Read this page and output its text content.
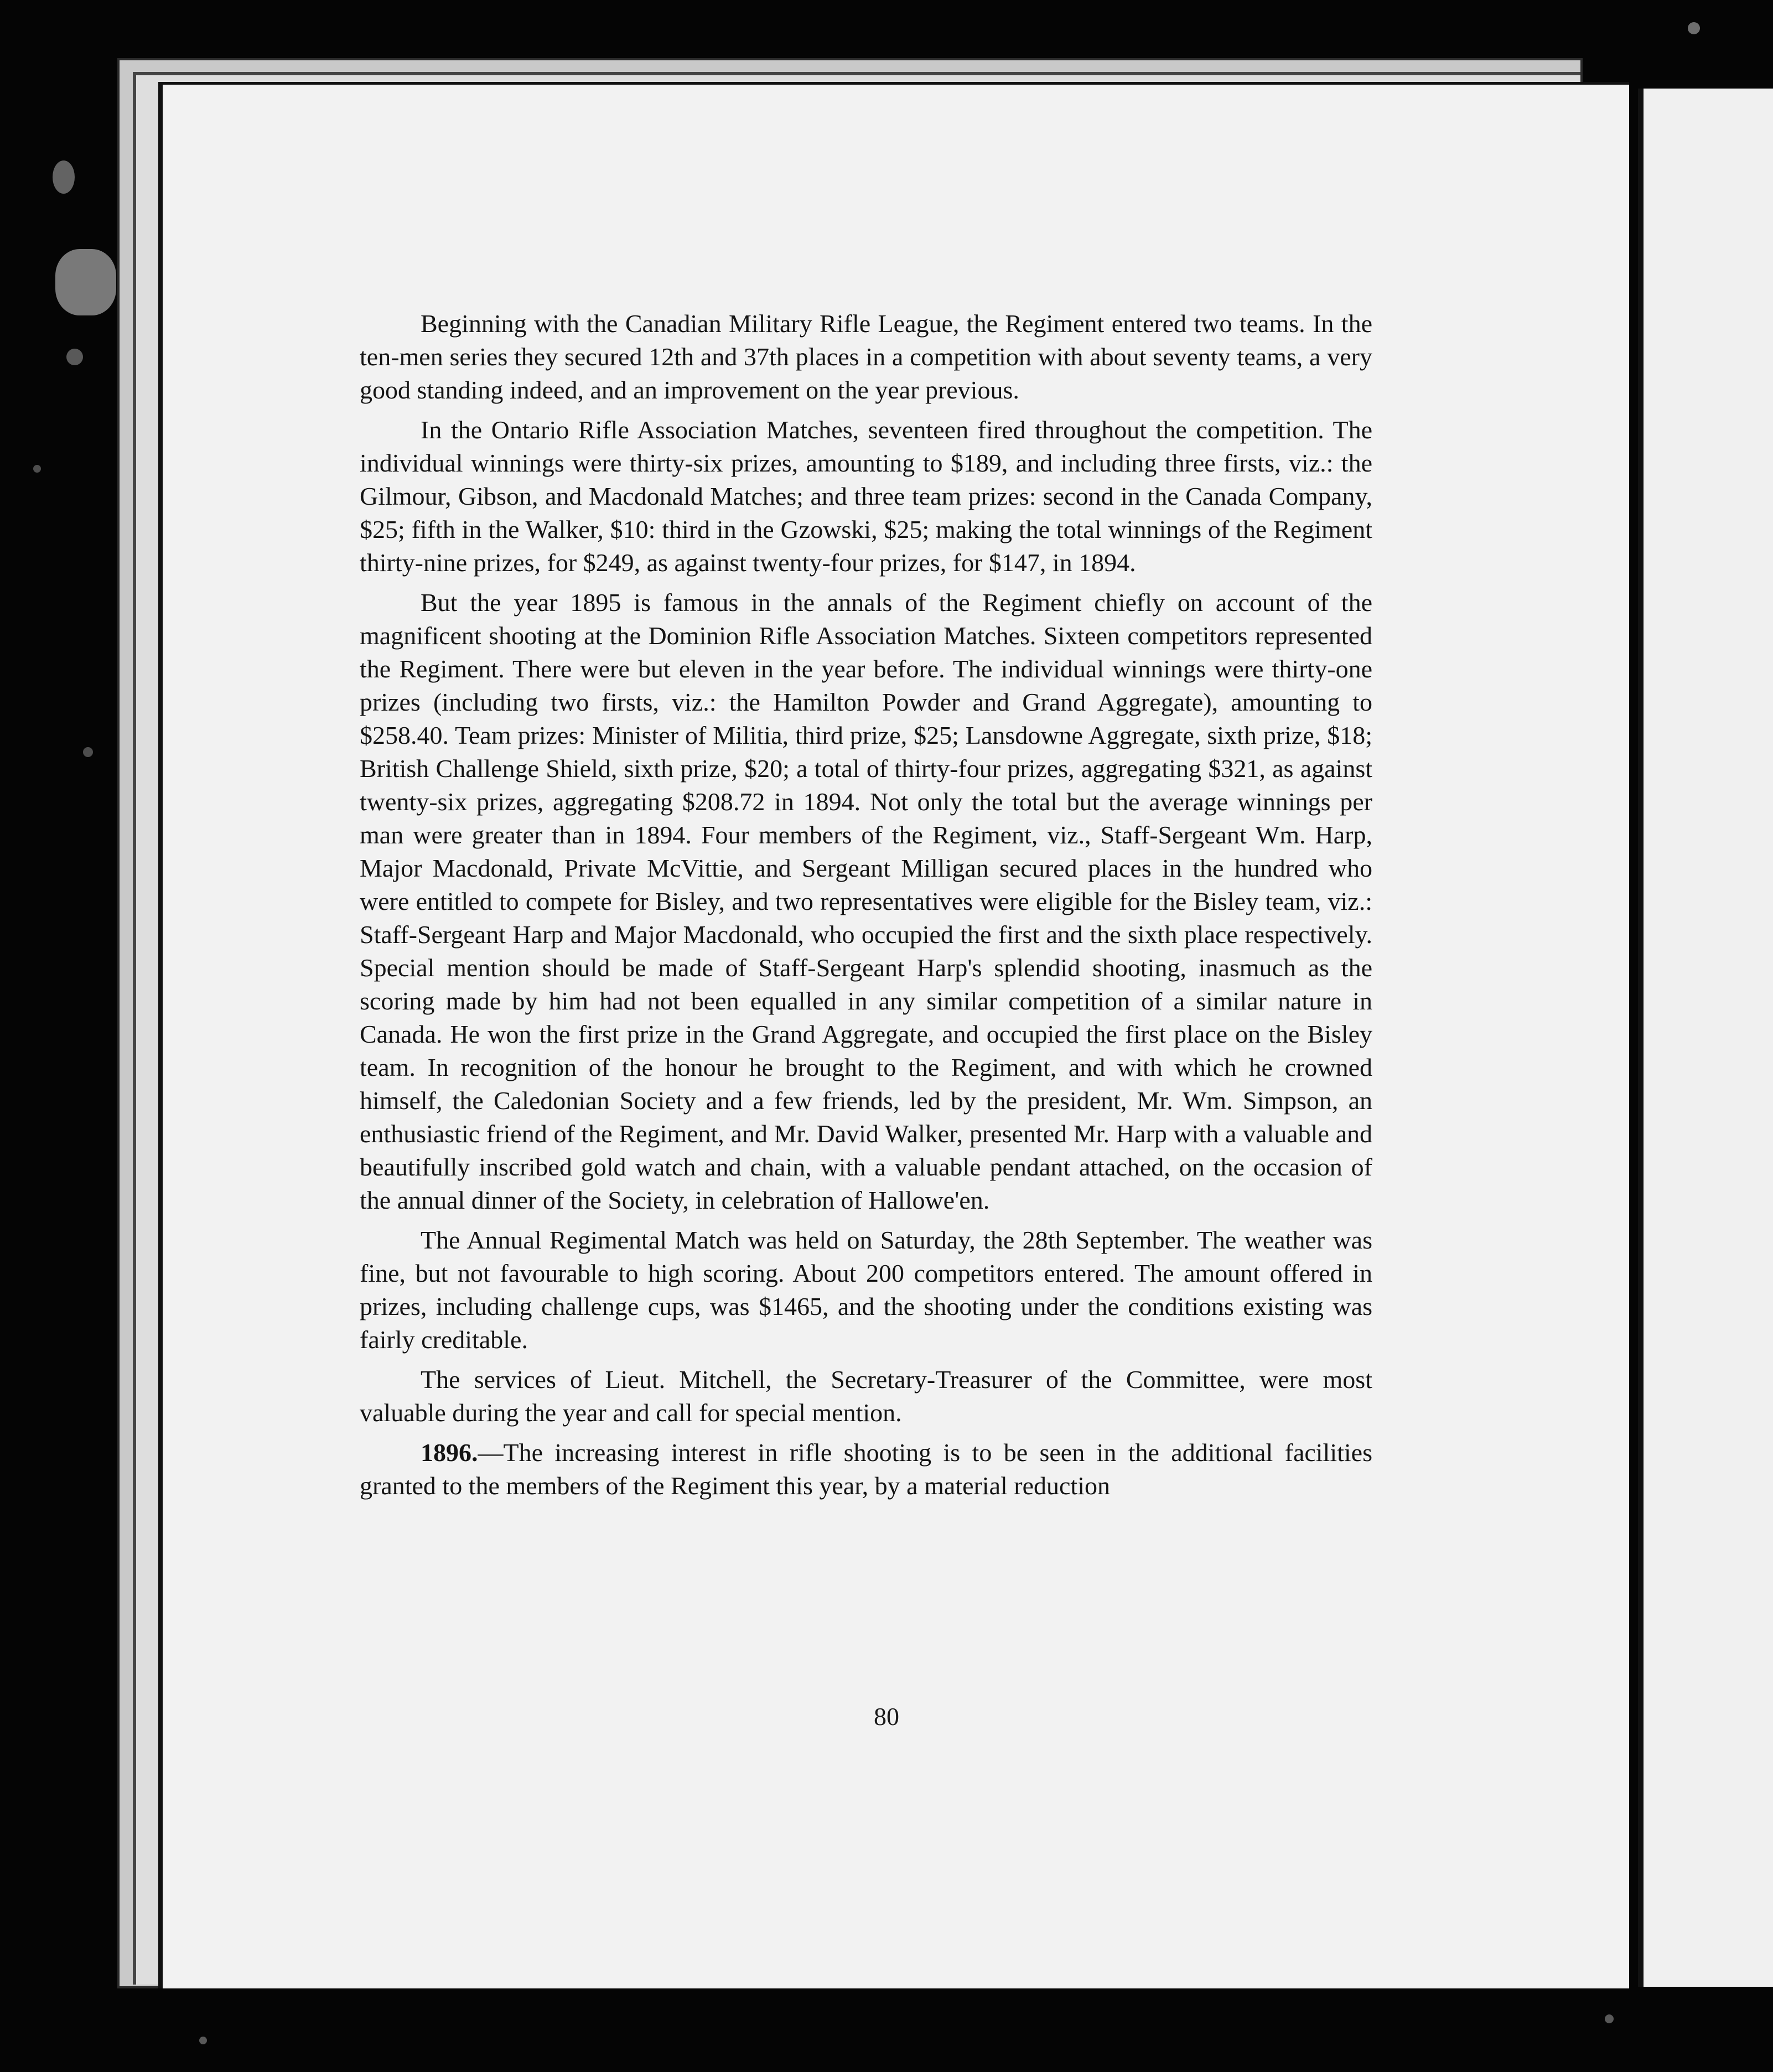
Beginning with the Canadian Military Rifle League, the Regiment entered two teams. In the ten-men series they secured 12th and 37th places in a competition with about seventy teams, a very good standing indeed, and an improvement on the year previous.

In the Ontario Rifle Association Matches, seventeen fired throughout the competition. The individual winnings were thirty-six prizes, amounting to $189, and including three firsts, viz.: the Gilmour, Gibson, and Macdonald Matches; and three team prizes: second in the Canada Company, $25; fifth in the Walker, $10: third in the Gzowski, $25; making the total winnings of the Regiment thirty-nine prizes, for $249, as against twenty-four prizes, for $147, in 1894.

But the year 1895 is famous in the annals of the Regiment chiefly on account of the magnificent shooting at the Dominion Rifle Association Matches. Sixteen competitors represented the Regiment. There were but eleven in the year before. The individual winnings were thirty-one prizes (including two firsts, viz.: the Hamilton Powder and Grand Aggregate), amounting to $258.40. Team prizes: Minister of Militia, third prize, $25; Lansdowne Aggregate, sixth prize, $18; British Challenge Shield, sixth prize, $20; a total of thirty-four prizes, aggregating $321, as against twenty-six prizes, aggregating $208.72 in 1894. Not only the total but the average winnings per man were greater than in 1894. Four members of the Regiment, viz., Staff-Sergeant Wm. Harp, Major Macdonald, Private McVittie, and Sergeant Milligan secured places in the hundred who were entitled to compete for Bisley, and two representatives were eligible for the Bisley team, viz.: Staff-Sergeant Harp and Major Macdonald, who occupied the first and the sixth place respectively. Special mention should be made of Staff-Sergeant Harp's splendid shooting, inasmuch as the scoring made by him had not been equalled in any similar competition of a similar nature in Canada. He won the first prize in the Grand Aggregate, and occupied the first place on the Bisley team. In recognition of the honour he brought to the Regiment, and with which he crowned himself, the Caledonian Society and a few friends, led by the president, Mr. Wm. Simpson, an enthusiastic friend of the Regiment, and Mr. David Walker, presented Mr. Harp with a valuable and beautifully inscribed gold watch and chain, with a valuable pendant attached, on the occasion of the annual dinner of the Society, in celebration of Hallowe'en.

The Annual Regimental Match was held on Saturday, the 28th September. The weather was fine, but not favourable to high scoring. About 200 competitors entered. The amount offered in prizes, including challenge cups, was $1465, and the shooting under the conditions existing was fairly creditable.

The services of Lieut. Mitchell, the Secretary-Treasurer of the Committee, were most valuable during the year and call for special mention.

1896.—The increasing interest in rifle shooting is to be seen in the additional facilities granted to the members of the Regiment this year, by a material reduction

80
